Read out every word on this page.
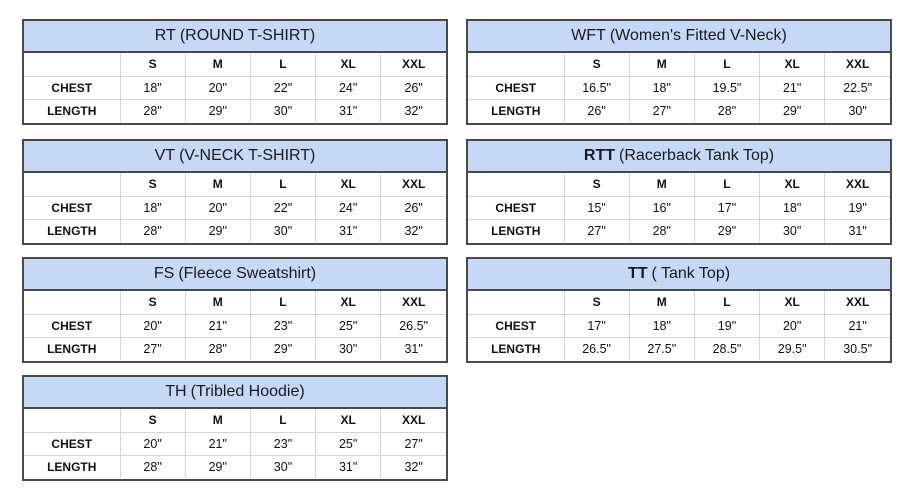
RT (ROUND T-SHIRT)
	S	M	L	XL	XXL
CHEST	18"	20"	22"	24"	26"
LENGTH	28"	29"	30"	31"	32"
WFT (Women's Fitted V-Neck)
	S	M	L	XL	XXL
CHEST	16.5"	18"	19.5"	21"	22.5"
LENGTH	26"	27"	28"	29"	30"
VT (V-NECK T-SHIRT)
	S	M	L	XL	XXL
CHEST	18"	20"	22"	24"	26"
LENGTH	28"	29"	30"	31"	32"
RTT (Racerback Tank Top)
	S	M	L	XL	XXL
CHEST	15"	16"	17"	18"	19"
LENGTH	27"	28"	29"	30"	31"
FS (Fleece Sweatshirt)
	S	M	L	XL	XXL
CHEST	20"	21"	23"	25"	26.5"
LENGTH	27"	28"	29"	30"	31"
TT ( Tank Top)
	S	M	L	XL	XXL
CHEST	17"	18"	19"	20"	21"
LENGTH	26.5"	27.5"	28.5"	29.5"	30.5"
TH (Tribled Hoodie)
	S	M	L	XL	XXL
CHEST	20"	21"	23"	25"	27"
LENGTH	28"	29"	30"	31"	32"
